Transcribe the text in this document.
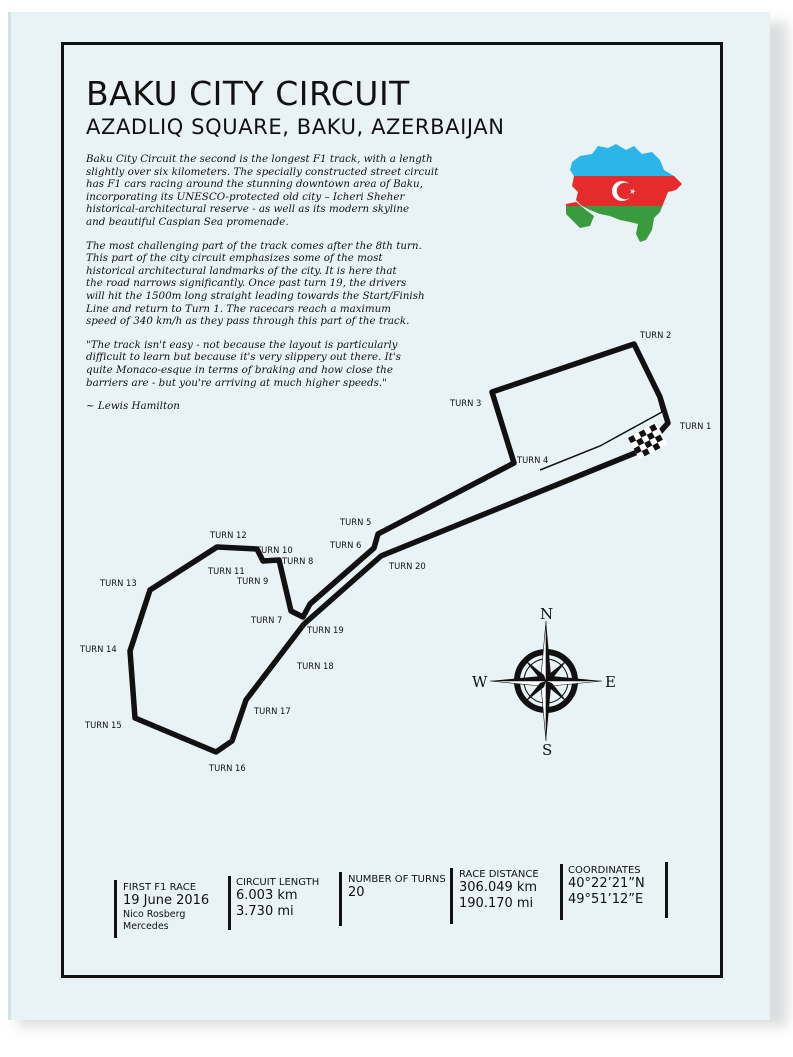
BAKU CITY CIRCUIT
AZADLIQ SQUARE, BAKU, AZERBAIJAN

Baku City Circuit the second is the longest F1 track, with a length
slightly over six kilometers. The specially constructed street circuit
has F1 cars racing around the stunning downtown area of Baku,
incorporating its UNESCO-protected old city – Icheri Sheher
historical-architectural reserve - as well as its modern skyline
and beautiful Caspian Sea promenade.

The most challenging part of the track comes after the 8th turn.
This part of the city circuit emphasizes some of the most
historical architectural landmarks of the city. It is here that
the road narrows significantly. Once past turn 19, the drivers
will hit the 1500m long straight leading towards the Start/Finish
Line and return to Turn 1. The racecars reach a maximum
speed of 340 km/h as they pass through this part of the track.

"The track isn't easy - not because the layout is particularly
difficult to learn but because it's very slippery out there. It's
quite Monaco-esque in terms of braking and how close the
barriers are - but you're arriving at much higher speeds."

~ Lewis Hamilton

TURN 1
TURN 2
TURN 3
TURN 4
TURN 5
TURN 6
TURN 7
TURN 8
TURN 9
TURN 10
TURN 11
TURN 12
TURN 13
TURN 14
TURN 15
TURN 16
TURN 17
TURN 18
TURN 19
TURN 20
N
S
E
W
FIRST F1 RACE
19 June 2016
Nico Rosberg
Mercedes
CIRCUIT LENGTH
6.003 km
3.730 mi
NUMBER OF TURNS
20
RACE DISTANCE
306.049 km
190.170 mi
COORDINATES
40°22’21”N
49°51’12”E
